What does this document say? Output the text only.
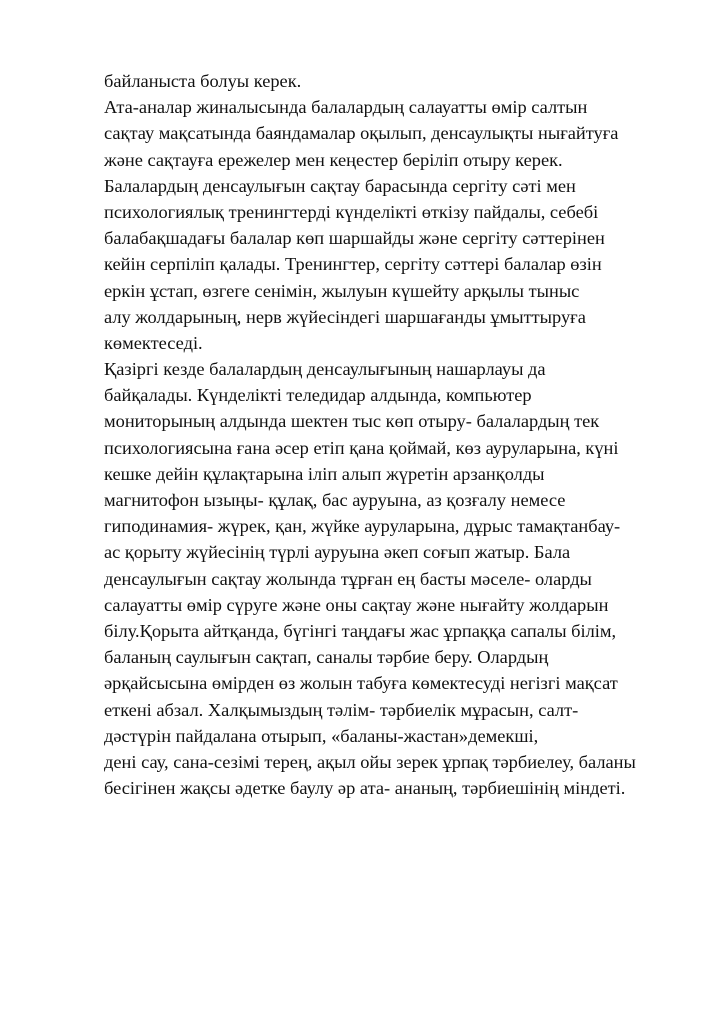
байланыста болуы керек.
Ата-аналар жиналысында балалардың салауатты өмір салтын
сақтау мақсатында баяндамалар оқылып, денсаулықты нығайтуға
және сақтауға ережелер мен кеңестер беріліп отыру керек.
Балалардың денсаулығын сақтау барасында сергіту сәті мен
психологиялық тренингтерді күнделікті өткізу пайдалы, себебі
балабақшадағы балалар көп шаршайды және сергіту сәттерінен
кейін серпіліп қалады. Тренингтер, сергіту сәттері балалар өзін
еркін ұстап, өзгеге сенімін, жылуын күшейту арқылы тыныс
алу жолдарының, нерв жүйесіндегі шаршағанды ұмыттыруға
көмектеседі.
Қазіргі кезде балалардың денсаулығының нашарлауы да
байқалады. Күнделікті теледидар алдында, компьютер
мониторының алдында шектен тыс көп отыру- балалардың тек
психологиясына ғана әсер етіп қана қоймай, көз ауруларына, күні
кешке дейін құлақтарына іліп алып жүретін арзанқолды
магнитофон ызыңы- құлақ, бас ауруына, аз қозғалу немесе
гиподинамия- жүрек, қан, жүйке ауруларына, дұрыс тамақтанбау-
ас қорыту жүйесінің түрлі ауруына әкеп соғып жатыр. Бала
денсаулығын сақтау жолында тұрған ең басты мәселе- оларды
салауатты өмір сүруге және оны сақтау және нығайту жолдарын
білу.Қорыта айтқанда, бүгінгі таңдағы жас ұрпаққа сапалы білім,
баланың саулығын сақтап, саналы тәрбие беру. Олардың
әрқайсысына өмірден өз жолын табуға көмектесуді негізгі мақсат
еткені абзал. Халқымыздың тәлім- тәрбиелік мұрасын, салт-
дәстүрін пайдалана отырып, «баланы-жастан»демекші,
дені сау, сана-сезімі терең, ақыл ойы зерек ұрпақ тәрбиелеу, баланы
бесігінен жақсы әдетке баулу әр ата- ананың, тәрбиешінің міндеті.
